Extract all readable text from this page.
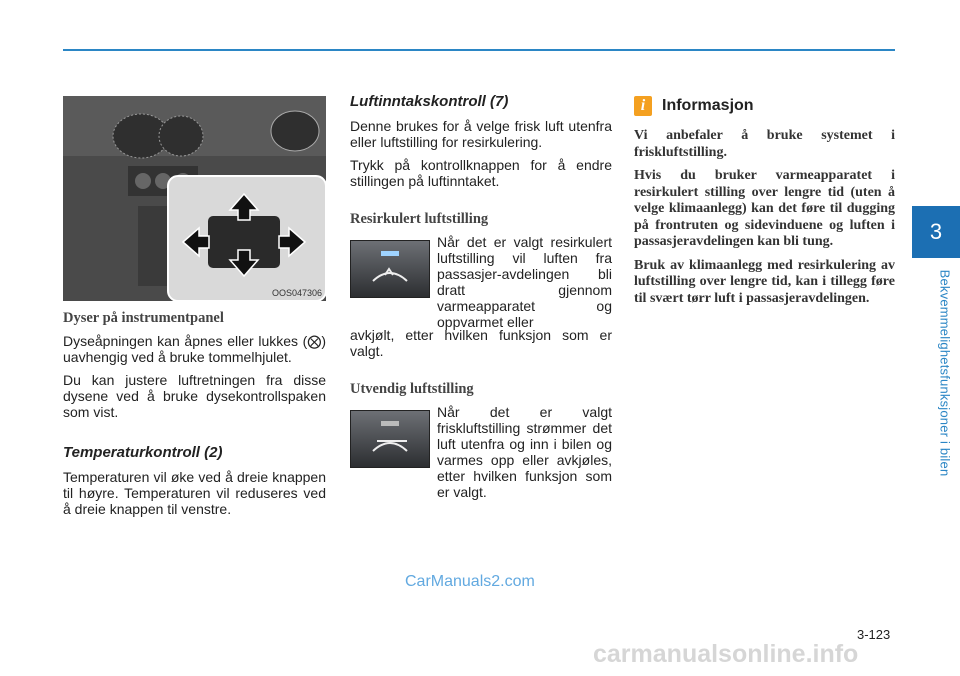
3
Bekvemmelighetsfunksjoner i bilen
OOS047306
Dyser på instrumentpanel

Dyseåpningen kan åpnes eller lukkes (⨂) uavhengig ved å bruke tommelhjulet.

Du kan justere luftretningen fra disse dysene ved å bruke dysekontrollspaken som vist.

Temperaturkontroll (2)

Temperaturen vil øke ved å dreie knappen til høyre. Temperaturen vil reduseres ved å dreie knappen til venstre.

Luftinntakskontroll (7)

Denne brukes for å velge frisk luft utenfra eller luftstilling for resirkulering.

Trykk på kontrollknappen for å endre stillingen på luftinntaket.

Resirkulert luftstilling

Når det er valgt resirkulert luftstilling vil luften fra passasjer-avdelingen bli dratt gjennom varmeapparatet og oppvarmet eller

avkjølt, etter hvilken funksjon som er valgt.

Utvendig luftstilling

Når det er valgt friskluftstilling strømmer det luft utenfra og inn i bilen og varmes opp eller avkjøles, etter hvilken funksjon som er valgt.

i	Informasjon

Vi anbefaler å bruke systemet i friskluftstilling.

Hvis du bruker varmeapparatet i resirkulert stilling over lengre tid (uten å velge klimaanlegg) kan det føre til dugging på frontruten og sidevinduene og luften i passasjeravdelingen kan bli tung.

Bruk av klimaanlegg med resirkulering av luftstilling over lengre tid, kan i tillegg føre til svært tørr luft i passasjeravdelingen.

CarManuals2.com
carmanualsonline.info
3-123
